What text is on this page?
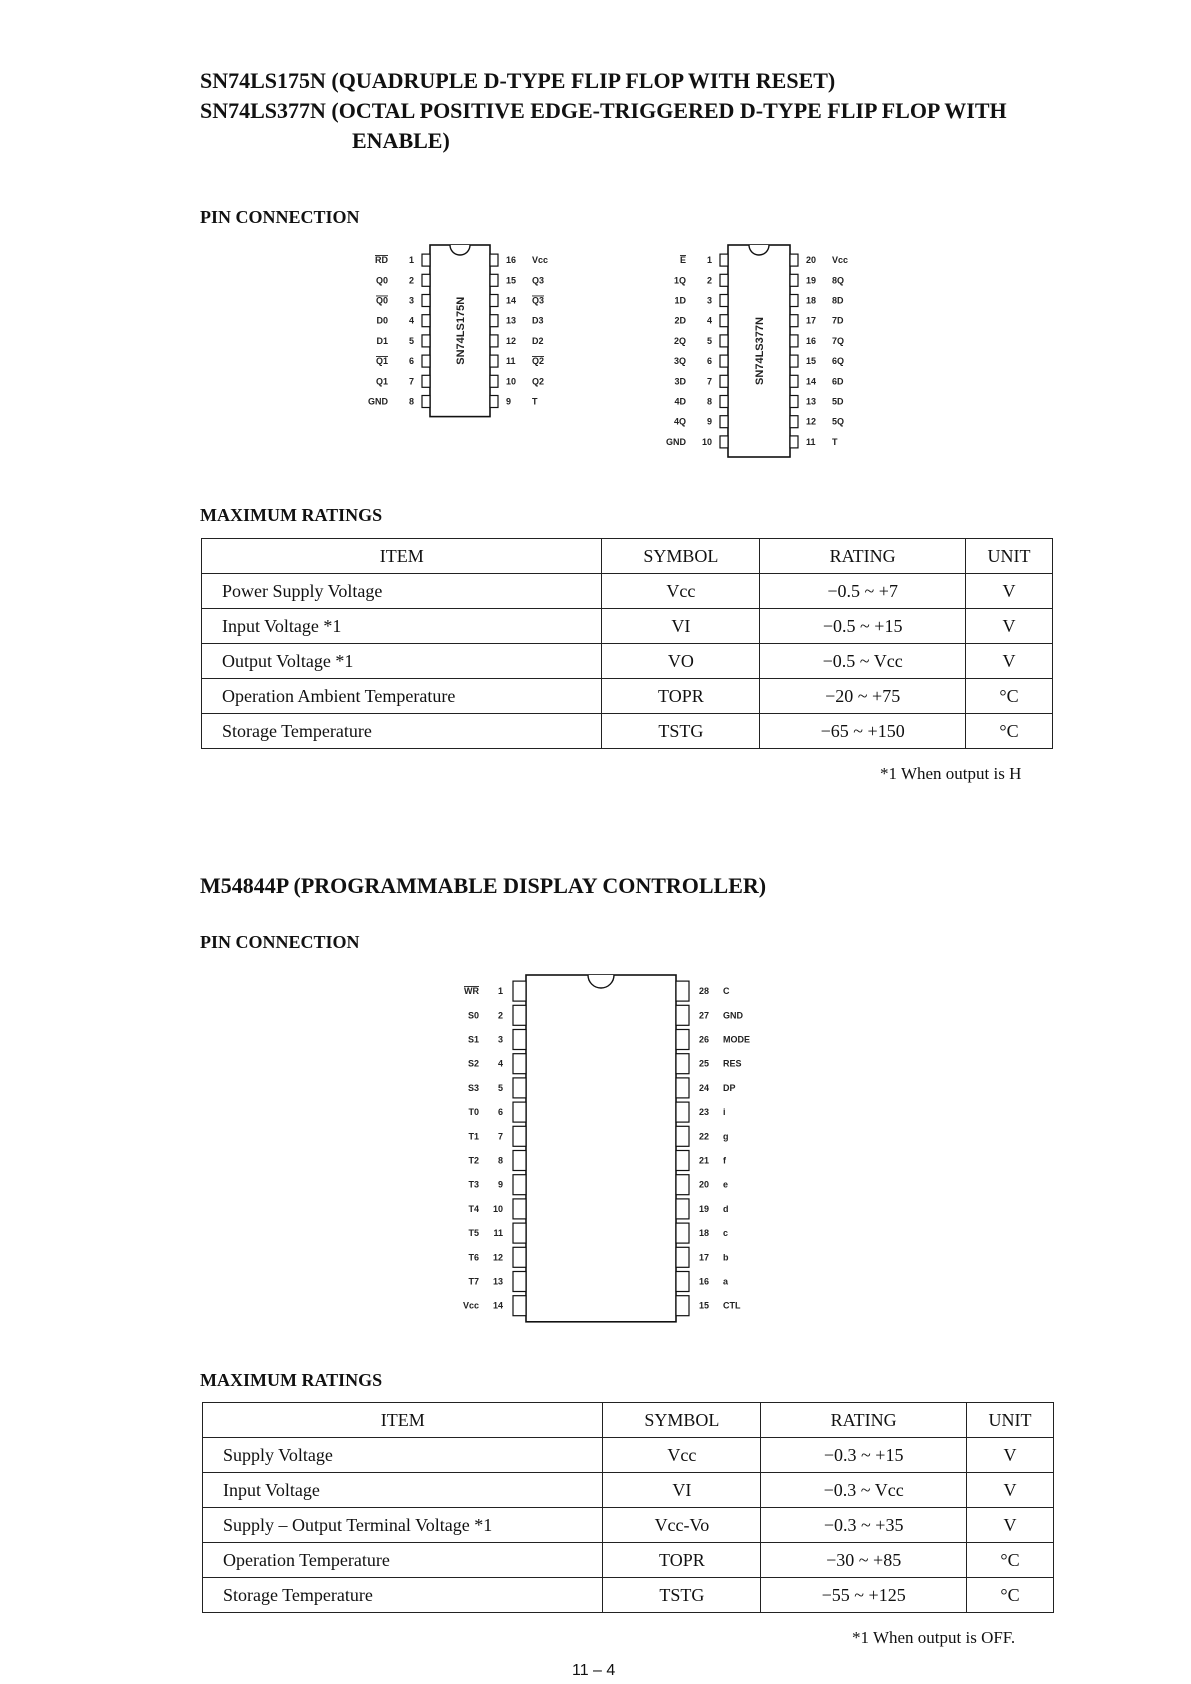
SN74LS175N (QUADRUPLE D-TYPE FLIP FLOP WITH RESET)
SN74LS377N (OCTAL POSITIVE EDGE-TRIGGERED D-TYPE FLIP FLOP WITH
ENABLE)
PIN CONNECTION
SN74LS175N
1
RD
2
Q0
3
Q0
4
D0
5
D1
6
Q1
7
Q1
8
GND
16 Vcc
15 Q3
14 Q3
13 D3
12 D2
11 Q2
10 Q2
9 T
SN74LS377N
1
E
2
1Q
3
1D
4
2D
5
2Q
6
3Q
7
3D
8
4D
9
4Q
10
GND
20 Vcc
19 8Q
18 8D
17 7D
16 7Q
15 6Q
14 6D
13 5D
12 5Q
11 T
MAXIMUM RATINGS
ITEM	SYMBOL	RATING	UNIT
Power Supply Voltage	Vcc	−0.5 ~ +7	V
Input Voltage *1	VI	−0.5 ~ +15	V
Output Voltage *1	VO	−0.5 ~ Vcc	V
Operation Ambient Temperature	TOPR	−20 ~ +75	°C
Storage Temperature	TSTG	−65 ~ +150	°C
*1 When output is H
M54844P (PROGRAMMABLE DISPLAY CONTROLLER)
PIN CONNECTION
1
WR
2
S0
3
S1
4
S2
5
S3
6
T0
7
T1
8
T2
9
T3
10
T4
11
T5
12
T6
13
T7
14
Vcc
28 C
27 GND
26 MODE
25 RES
24 DP
23 i
22 g
21 f
20 e
19 d
18 c
17 b
16 a
15 CTL
MAXIMUM RATINGS
ITEM	SYMBOL	RATING	UNIT
Supply Voltage	Vcc	−0.3 ~ +15	V
Input Voltage	VI	−0.3 ~ Vcc	V
Supply – Output Terminal Voltage *1	Vcc-Vo	−0.3 ~ +35	V
Operation Temperature	TOPR	−30 ~ +85	°C
Storage Temperature	TSTG	−55 ~ +125	°C
*1 When output is OFF.
11 – 4
